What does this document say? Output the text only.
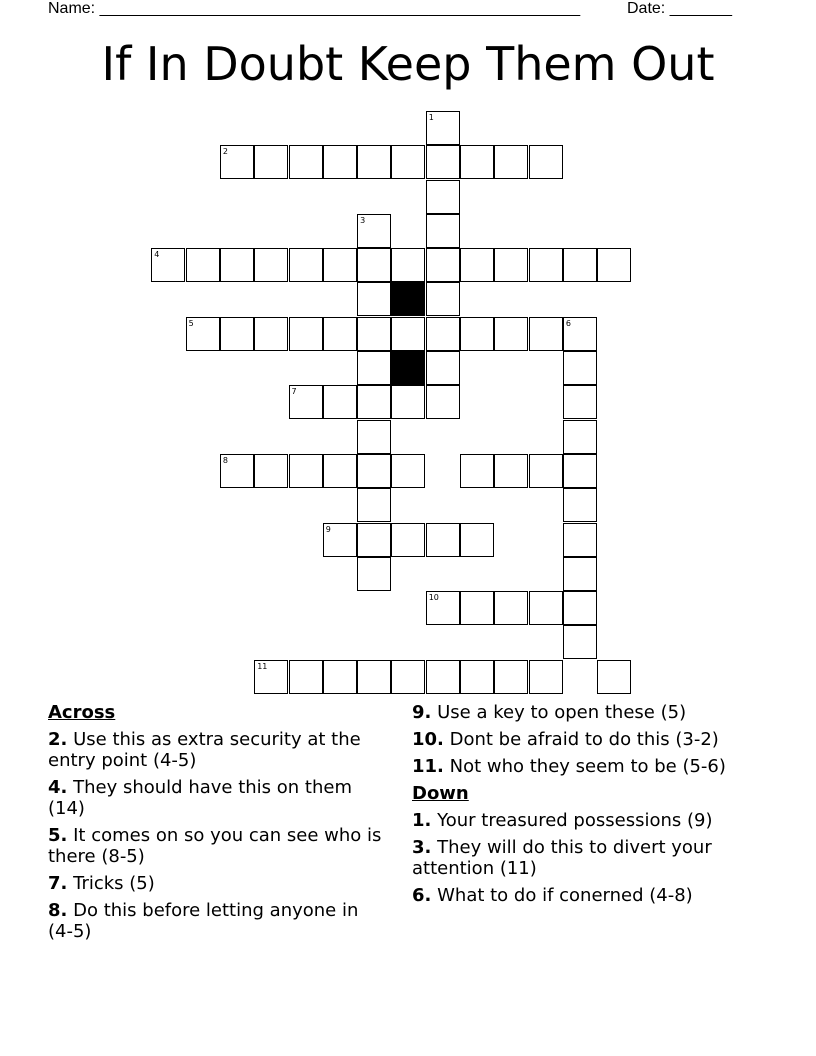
Name: ______________________________________________________	Date: _______
If In Doubt Keep Them Out
1
2
3
4
5	6
7
8
9
10
11
Across
2. Use this as extra security at the entry point (4-5)
4. They should have this on them (14)
5. It comes on so you can see who is there (8-5)
7. Tricks (5)
8. Do this before letting anyone in (4-5)
9. Use a key to open these (5)
10. Dont be afraid to do this (3-2)
11. Not who they seem to be (5-6)
Down
1. Your treasured possessions (9)
3. They will do this to divert your attention (11)
6. What to do if conerned (4-8)
